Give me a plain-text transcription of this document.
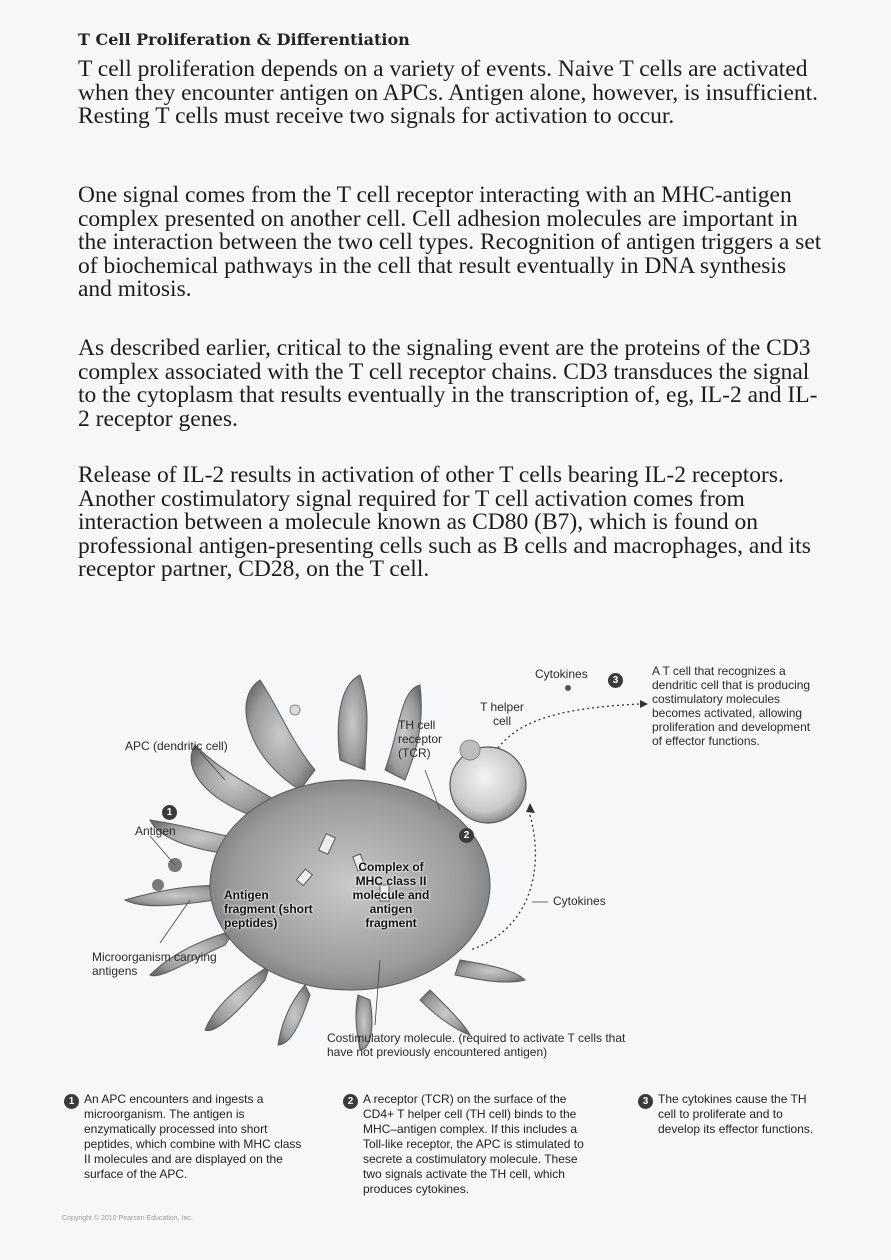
T Cell Proliferation & Differentiation

T cell proliferation depends on a variety of events. Naive T cells are activated when they encounter antigen on APCs. Antigen alone, however, is insufficient. Resting T cells must receive two signals for activation to occur.

One signal comes from the T cell receptor interacting with an MHC-antigen complex presented on another cell. Cell adhesion molecules are important in the interaction between the two cell types. Recognition of antigen triggers a set of biochemical pathways in the cell that result eventually in DNA synthesis and mitosis.

As described earlier, critical to the signaling event are the proteins of the CD3 complex associated with the T cell receptor chains. CD3 transduces the signal to the cytoplasm that results eventually in the transcription of, eg, IL-2 and IL-2 receptor genes.

Release of IL-2 results in activation of other T cells bearing IL-2 receptors. Another costimulatory signal required for T cell activation comes from interaction between a molecule known as CD80 (B7), which is found on professional antigen-presenting cells such as B cells and macrophages, and its receptor partner, CD28, on the T cell.

1
2
3

APC (dendritic cell)

Antigen

Microorganism carrying antigens

TH cell receptor (TCR)

T helper cell

Cytokines

Cytokines

Antigen fragment (short peptides)

Complex of MHC class II molecule and antigen fragment

Costimulatory molecule. (required to activate T cells that have not previously encountered antigen)

A T cell that recognizes a dendritic cell that is producing costimulatory molecules becomes activated, allowing proliferation and development of effector functions.

1 An APC encounters and ingests a microorganism. The antigen is enzymatically processed into short peptides, which combine with MHC class II molecules and are displayed on the surface of the APC.

2 A receptor (TCR) on the surface of the CD4+ T helper cell (TH cell) binds to the MHC–antigen complex. If this includes a Toll-like receptor, the APC is stimulated to secrete a costimulatory molecule. These two signals activate the TH cell, which produces cytokines.

3 The cytokines cause the TH cell to proliferate and to develop its effector functions.

Copyright © 2010 Pearson Education, Inc.
